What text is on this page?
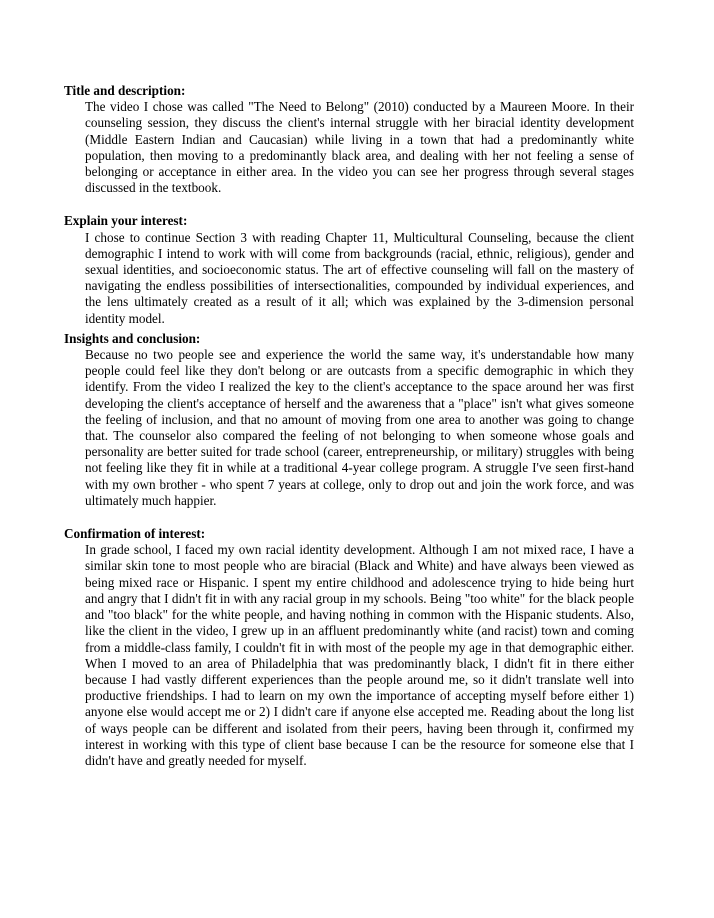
Title and description:

The video I chose was called "The Need to Belong" (2010) conducted by a Maureen Moore. In their counseling session, they discuss the client's internal struggle with her biracial identity development (Middle Eastern Indian and Caucasian) while living in a town that had a predominantly white population, then moving to a predominantly black area, and dealing with her not feeling a sense of belonging or acceptance in either area. In the video you can see her progress through several stages discussed in the textbook.

Explain your interest:

I chose to continue Section 3 with reading Chapter 11, Multicultural Counseling, because the client demographic I intend to work with will come from backgrounds (racial, ethnic, religious), gender and sexual identities, and socioeconomic status. The art of effective counseling will fall on the mastery of navigating the endless possibilities of intersectionalities, compounded by individual experiences, and the lens ultimately created as a result of it all; which was explained by the 3-dimension personal identity model.

Insights and conclusion:

Because no two people see and experience the world the same way, it's understandable how many people could feel like they don't belong or are outcasts from a specific demographic in which they identify. From the video I realized the key to the client's acceptance to the space around her was first developing the client's acceptance of herself and the awareness that a "place" isn't what gives someone the feeling of inclusion, and that no amount of moving from one area to another was going to change that. The counselor also compared the feeling of not belonging to when someone whose goals and personality are better suited for trade school (career, entrepreneurship, or military) struggles with being not feeling like they fit in while at a traditional 4-year college program. A struggle I've seen first-hand with my own brother - who spent 7 years at college, only to drop out and join the work force, and was ultimately much happier.

Confirmation of interest:

In grade school, I faced my own racial identity development. Although I am not mixed race, I have a similar skin tone to most people who are biracial (Black and White) and have always been viewed as being mixed race or Hispanic. I spent my entire childhood and adolescence trying to hide being hurt and angry that I didn't fit in with any racial group in my schools. Being "too white" for the black people and "too black" for the white people, and having nothing in common with the Hispanic students. Also, like the client in the video, I grew up in an affluent predominantly white (and racist) town and coming from a middle-class family, I couldn't fit in with most of the people my age in that demographic either. When I moved to an area of Philadelphia that was predominantly black, I didn't fit in there either because I had vastly different experiences than the people around me, so it didn't translate well into productive friendships. I had to learn on my own the importance of accepting myself before either 1) anyone else would accept me or 2) I didn't care if anyone else accepted me. Reading about the long list of ways people can be different and isolated from their peers, having been through it, confirmed my interest in working with this type of client base because I can be the resource for someone else that I didn't have and greatly needed for myself.
